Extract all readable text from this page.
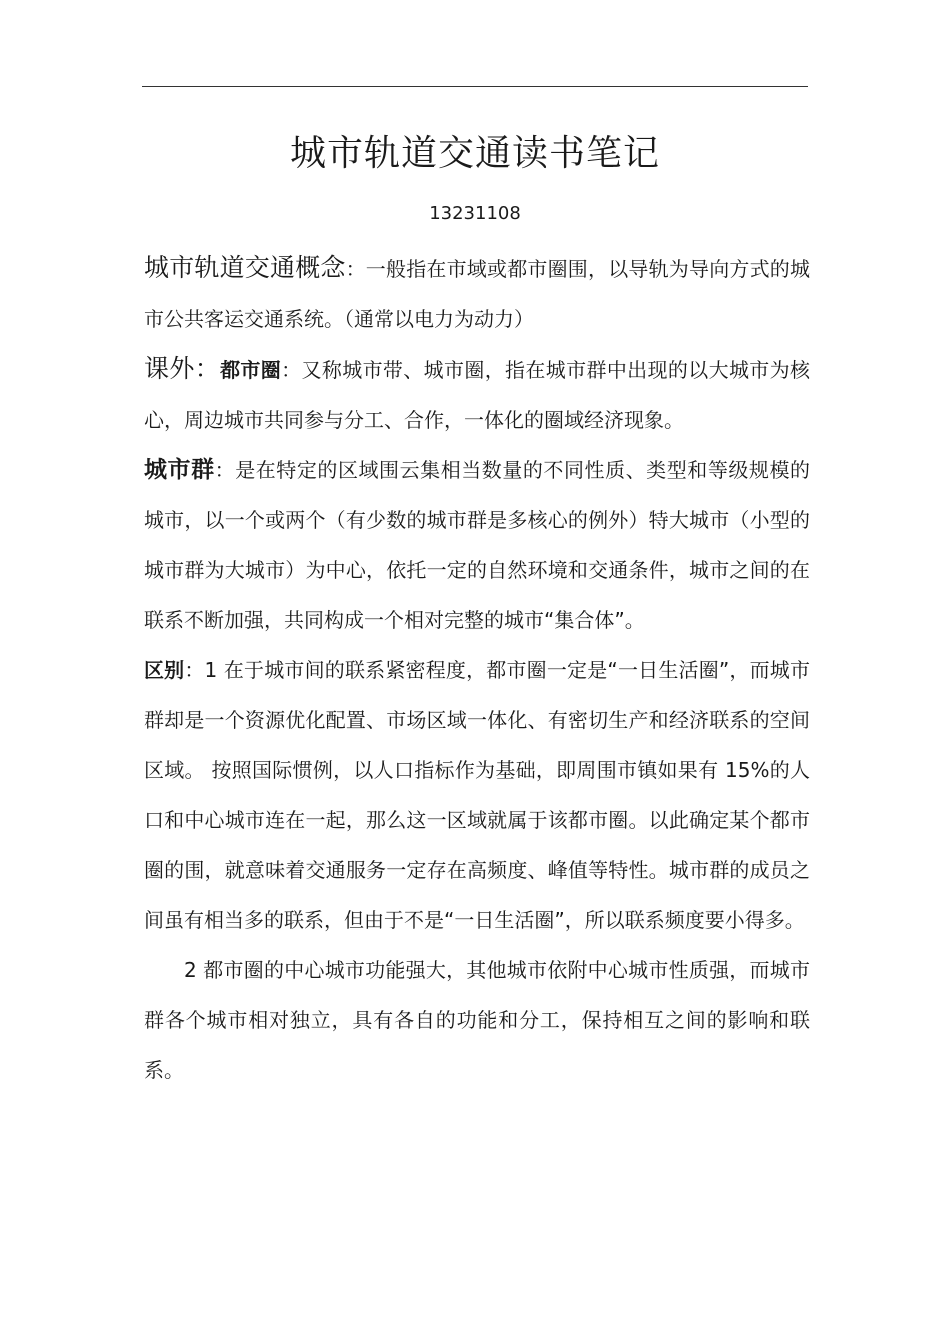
城市轨道交通读书笔记
13231108

城市轨道交通概念：一般指在市域或都市圈围，以导轨为导向方式的城市公共客运交通系统。（通常以电力为动力）

课外：都市圈：又称城市带、城市圈，指在城市群中出现的以大城市为核心，周边城市共同参与分工、合作，一体化的圈域经济现象。

城市群：是在特定的区域围云集相当数量的不同性质、类型和等级规模的城市，以一个或两个（有少数的城市群是多核心的例外）特大城市（小型的城市群为大城市）为中心，依托一定的自然环境和交通条件，城市之间的在联系不断加强，共同构成一个相对完整的城市“集合体”。

区别：1 在于城市间的联系紧密程度，都市圈一定是“一日生活圈”，而城市群却是一个资源优化配置、市场区域一体化、有密切生产和经济联系的空间区域。 按照国际惯例，以人口指标作为基础，即周围市镇如果有 15%的人口和中心城市连在一起，那么这一区域就属于该都市圈。以此确定某个都市圈的围，就意味着交通服务一定存在高频度、峰值等特性。城市群的成员之间虽有相当多的联系，但由于不是“一日生活圈”，所以联系频度要小得多。

2 都市圈的中心城市功能强大，其他城市依附中心城市性质强，而城市群各个城市相对独立，具有各自的功能和分工，保持相互之间的影响和联系。
